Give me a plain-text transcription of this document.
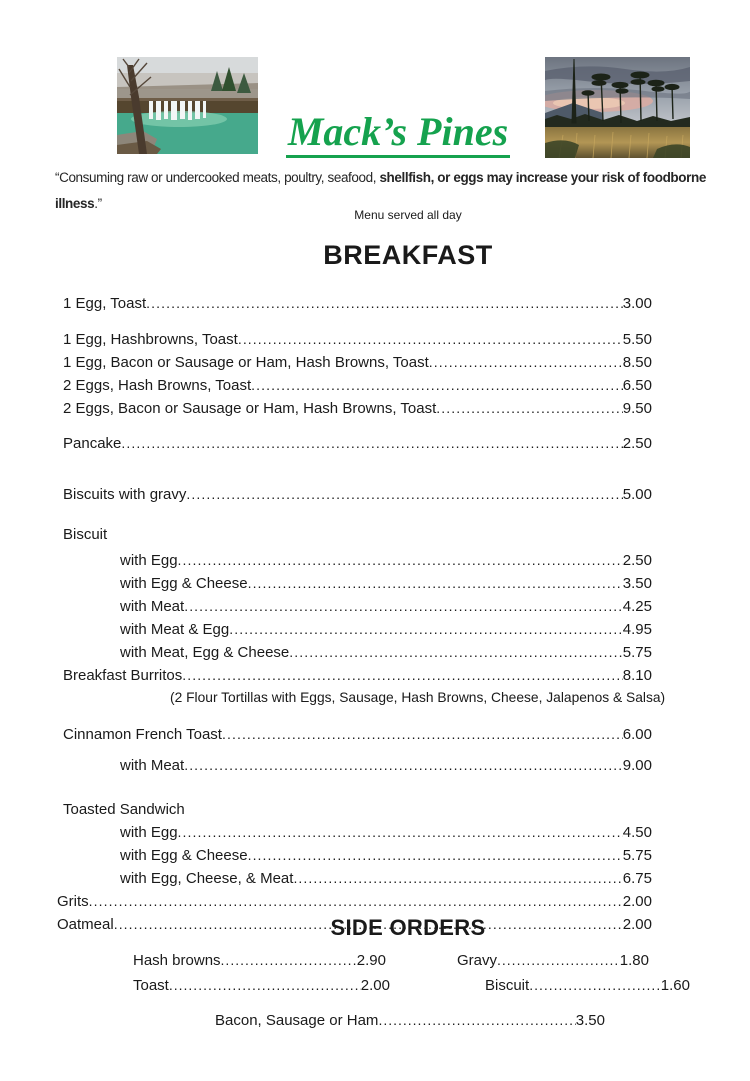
Mack’s Pines

“Consuming raw or undercooked meats, poultry, seafood, shellfish, or eggs may increase your risk of foodborne
illness.”

Menu served all day
BREAKFAST
1 Egg, Toast .....	3.00
1 Egg, Hashbrowns, Toast .....	5.50
1 Egg, Bacon or Sausage or Ham, Hash Browns, Toast .....	8.50
2 Eggs, Hash Browns, Toast .....	6.50
2 Eggs, Bacon or Sausage or Ham, Hash Browns, Toast .....	9.50
Pancake .....	2.50
Biscuits with gravy .....	5.00
Biscuit
with Egg .....	2.50
with Egg & Cheese .....	3.50
with Meat .....	4.25
with Meat & Egg .....	4.95
with Meat, Egg & Cheese .....	5.75
Breakfast Burritos .....	8.10
(2 Flour Tortillas with Eggs, Sausage, Hash Browns, Cheese, Jalapenos & Salsa)
Cinnamon French Toast .....	6.00
with Meat .....	9.00
Toasted Sandwich
with Egg .....	4.50
with Egg & Cheese .....	5.75
with Egg, Cheese, & Meat .....	6.75
Grits .....	2.00
Oatmeal .....	2.00
SIDE ORDERS
Hash browns .....	2.90	Gravy .....	1.80
Toast .....	2.00	Biscuit .....	1.60
Bacon, Sausage or Ham .....	3.50
